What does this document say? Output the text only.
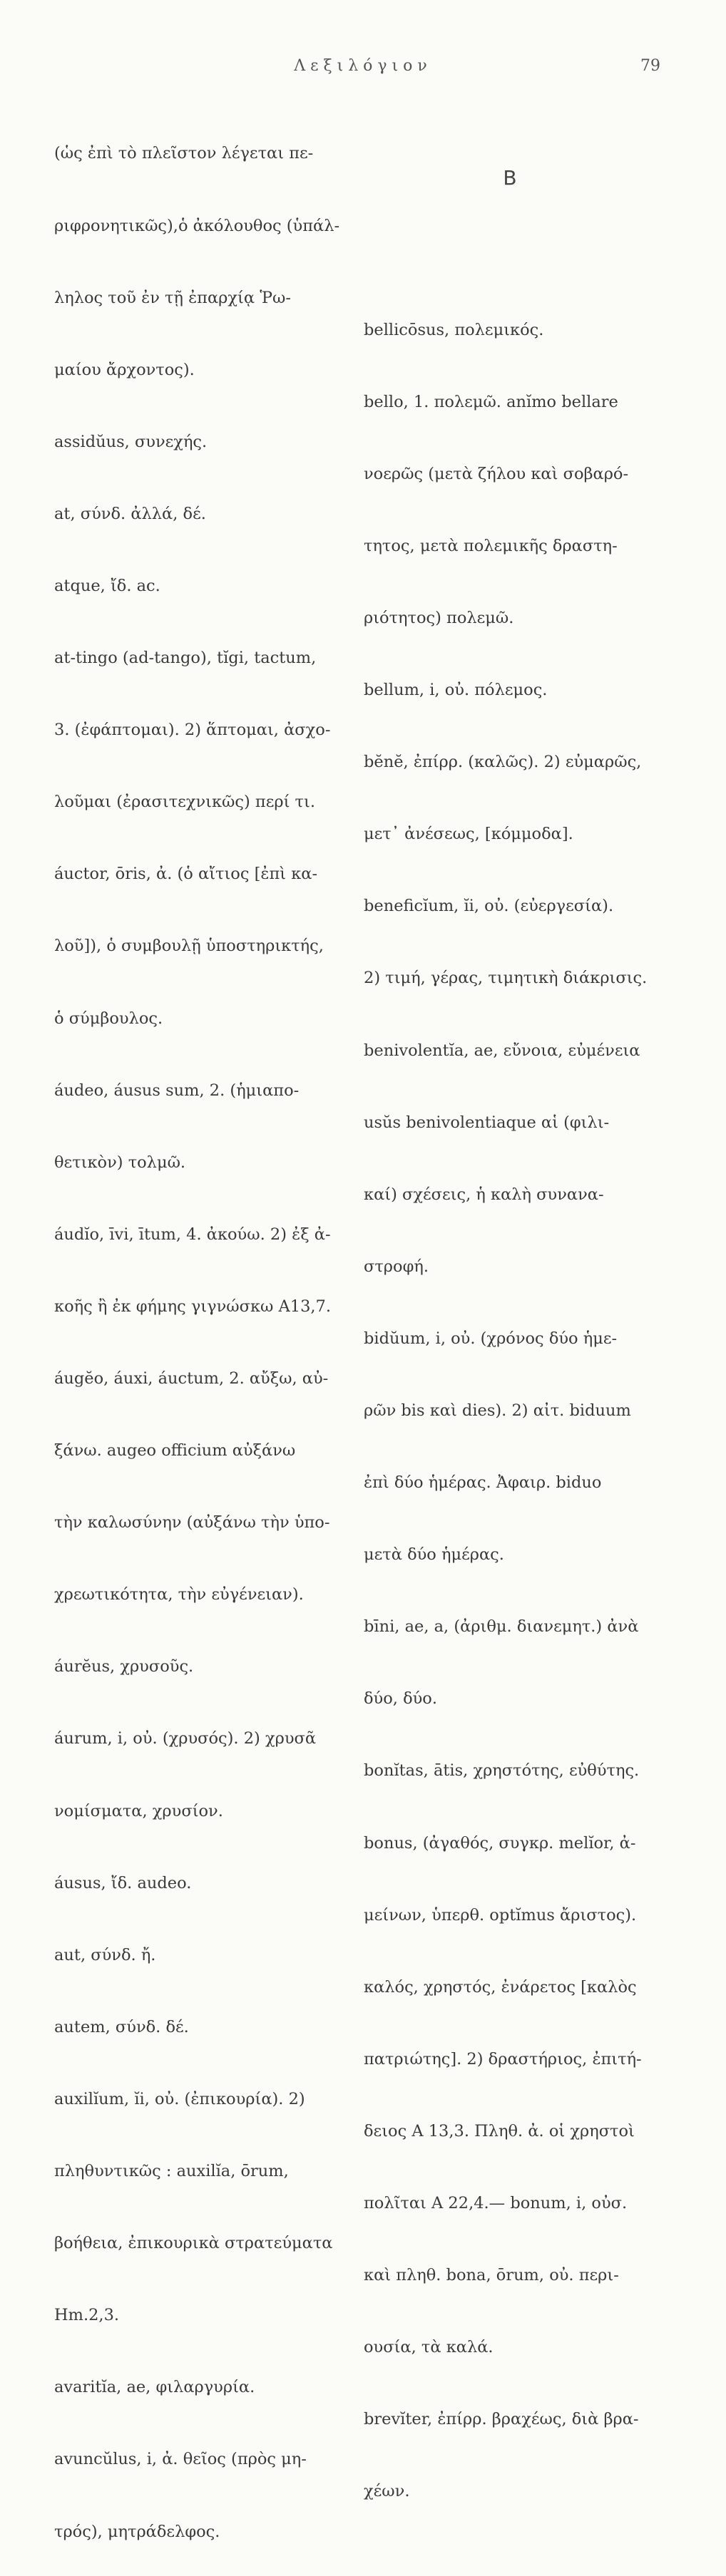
Λεξιλόγιον	79

(ὡς ἐπὶ τὸ πλεῖστον λέγεται πε-

ριφρονητικῶς),ὁ ἀκόλουθος (ὑπάλ-

ληλος τοῦ ἐν τῇ ἐπαρχίᾳ Ῥω-

μαίου ἄρχοντος).

assidŭus, συνεχής.

at, σύνδ. ἀλλά, δέ.

atque, ἴδ. ac.

at-tingo (ad-tango), tĭgi, tactum,

3. (ἐφάπτομαι). 2) ἅπτομαι, ἀσχο-

λοῦμαι (ἐρασιτεχνικῶς) περί τι.

áuctor, ōris, ἀ. (ὁ αἴτιος [ἐπὶ κα-

λοῦ]), ὁ συμβουλῇ ὑποστηρικτής,

ὁ σύμβουλος.

áudeo, áusus sum, 2. (ἡμιαπο-

θετικὸν) τολμῶ.

áudĭo, īvi, ītum, 4. ἀκούω. 2) ἐξ ἀ-

κοῆς ἢ ἐκ φήμης γιγνώσκω A13,7.

áugĕo, áuxi, áuctum, 2. αὔξω, αὐ-

ξάνω. augeo officium αὐξάνω

τὴν καλωσύνην (αὐξάνω τὴν ὑπο-

χρεωτικότητα, τὴν εὐγένειαν).

áurĕus, χρυσοῦς.

áurum, i, οὐ. (χρυσός). 2) χρυσᾶ

νομίσματα, χρυσίον.

áusus, ἴδ. audeo.

aut, σύνδ. ἤ.

autem, σύνδ. δέ.

auxilĭum, ĭi, οὐ. (ἐπικουρία). 2)

πληθυντικῶς : auxilĭa, ōrum,

βοήθεια, ἐπικουρικὰ στρατεύματα

Hm.2,3.

avaritĭa, ae, φιλαργυρία.

avuncŭlus, i, ἀ. θεῖος (πρὸς μη-

τρός), μητράδελφος.

B

bellicōsus, πολεμικός.

bello, 1. πολεμῶ. anĭmo bellare

νοερῶς (μετὰ ζήλου καὶ σοβαρό-

τητος, μετὰ πολεμικῆς δραστη-

ριότητος) πολεμῶ.

bellum, i, οὐ. πόλεμος.

bĕnĕ, ἐπίρρ. (καλῶς). 2) εὐμαρῶς,

μετ᾿ ἀνέσεως, [κόμμοδα].

beneficĭum, ĭi, οὐ. (εὐεργεσία).

2) τιμή, γέρας, τιμητικὴ διάκρισις.

benivolentĭa, ae, εὔνοια, εὐμένεια

usŭs benivolentiaque αἱ (φιλι-

καί) σχέσεις, ἡ καλὴ συνανα-

στροφή.

bidŭum, i, οὐ. (χρόνος δύο ἡμε-

ρῶν bis καὶ dies). 2) αἰτ. biduum

ἐπὶ δύο ἡμέρας. Ἀφαιρ. biduo

μετὰ δύο ἡμέρας.

bīni, ae, a, (ἀριθμ. διανεμητ.) ἀνὰ

δύο, δύο.

bonĭtas, ātis, χρηστότης, εὐθύτης.

bonus, (ἀγαθός, συγκρ. melĭor, ἀ-

μείνων, ὑπερθ. optĭmus ἄριστος).

καλός, χρηστός, ἐνάρετος [καλὸς

πατριώτης]. 2) δραστήριος, ἐπιτή-

δειος A 13,3. Πληθ. ἀ. οἱ χρηστοὶ

πολῖται A 22,4.— bonum, i, οὐσ.

καὶ πληθ. bona, ōrum, οὐ. περι-

ουσία, τὰ καλά.

brevĭter, ἐπίρρ. βραχέως, διὰ βρα-

χέων.
